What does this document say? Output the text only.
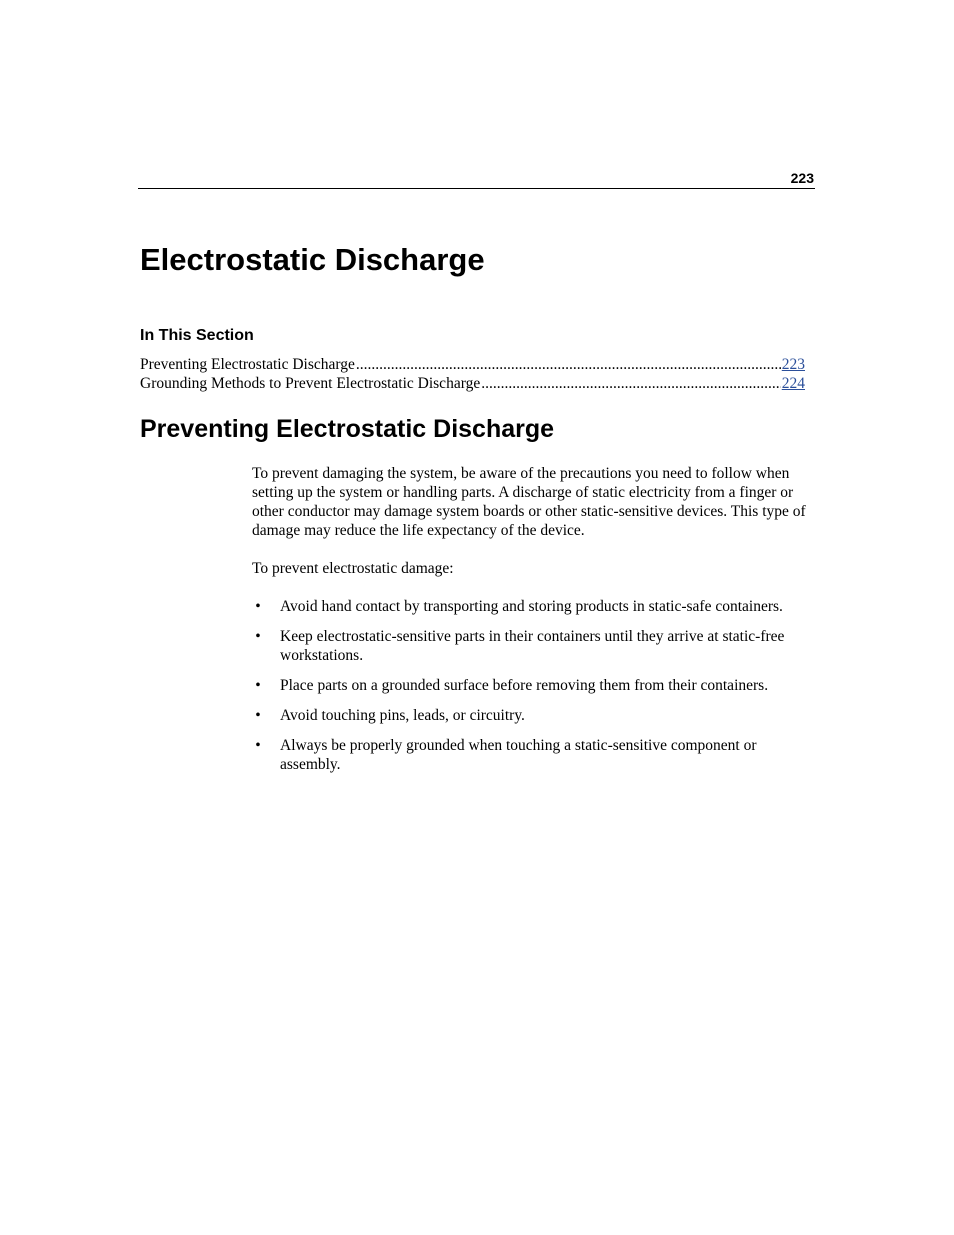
223
Electrostatic Discharge
In This Section
Preventing Electrostatic Discharge .....	223
Grounding Methods to Prevent Electrostatic Discharge .....	224
Preventing Electrostatic Discharge

To prevent damaging the system, be aware of the precautions you need to follow when setting up the system or handling parts. A discharge of static electricity from a finger or other conductor may damage system boards or other static-sensitive devices. This type of damage may reduce the life expectancy of the device.

To prevent electrostatic damage:

• Avoid hand contact by transporting and storing products in static-safe containers.
• Keep electrostatic-sensitive parts in their containers until they arrive at static-free workstations.
• Place parts on a grounded surface before removing them from their containers.
• Avoid touching pins, leads, or circuitry.
• Always be properly grounded when touching a static-sensitive component or assembly.
